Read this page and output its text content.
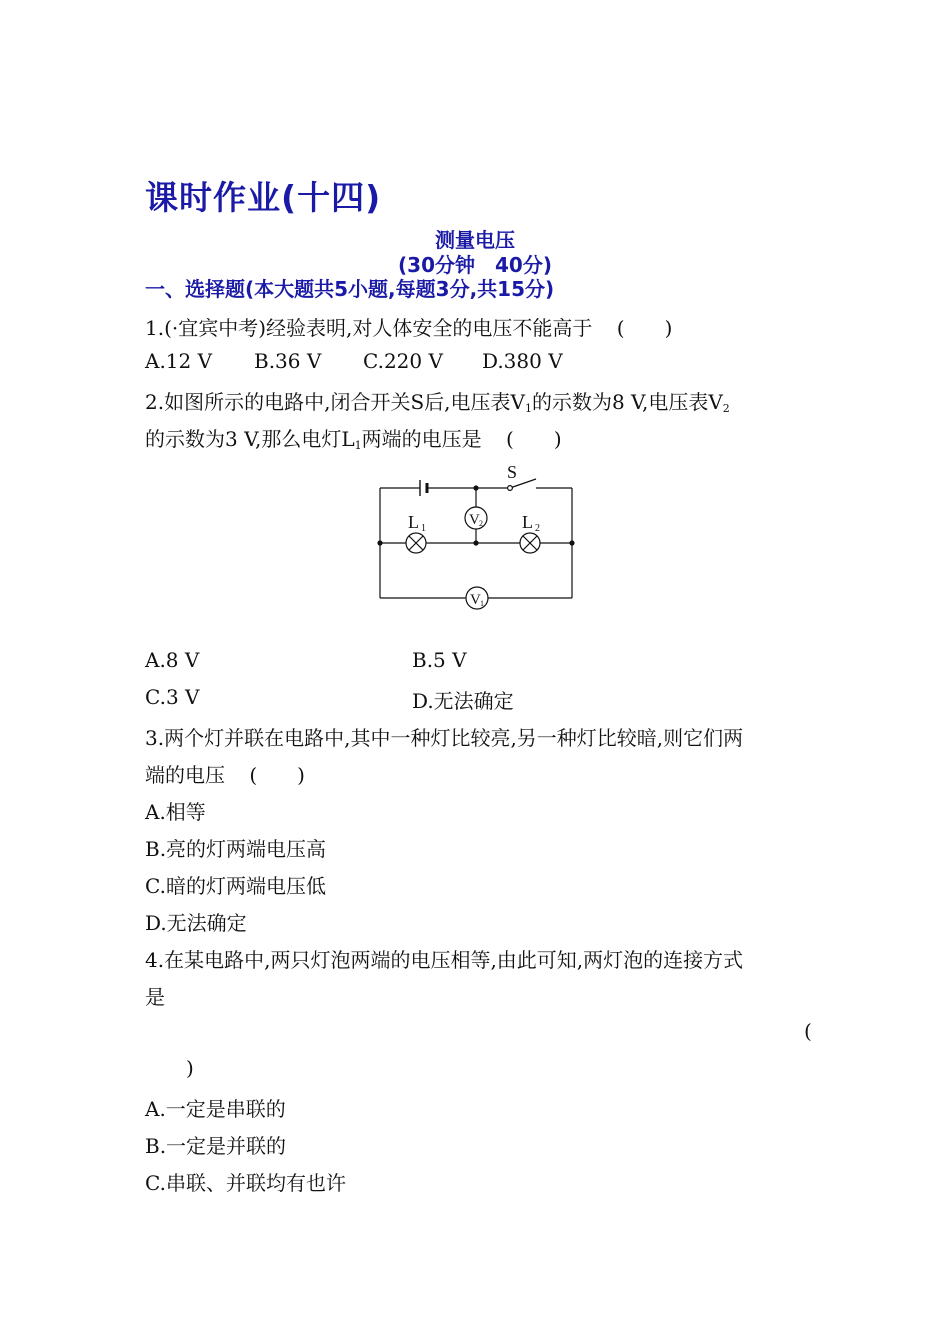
课时作业(十四)
测量电压
(30分钟　40分)
一、选择题(本大题共5小题,每题3分,共15分)
1.(·宜宾中考)经验表明,对人体安全的电压不能高于 (　　)
A.12 V B.36 V C.220 V D.380 V
2.如图所示的电路中,闭合开关S后,电压表$V_1$的示数为8 V,电压表$V_2$
的示数为3 V,那么电灯$L_1$两端的电压是 (　　)
S
L 1	L 2
V 2
V 1
A.8 V	B.5 V
C.3 V	D.无法确定
3.两个灯并联在电路中,其中一种灯比较亮,另一种灯比较暗,则它们两
端的电压 (　　)
A.相等
B.亮的灯两端电压高
C.暗的灯两端电压低
D.无法确定
4.在某电路中,两只灯泡两端的电压相等,由此可知,两灯泡的连接方式
是
(
)
A.一定是串联的
B.一定是并联的
C.串联、并联均有也许
